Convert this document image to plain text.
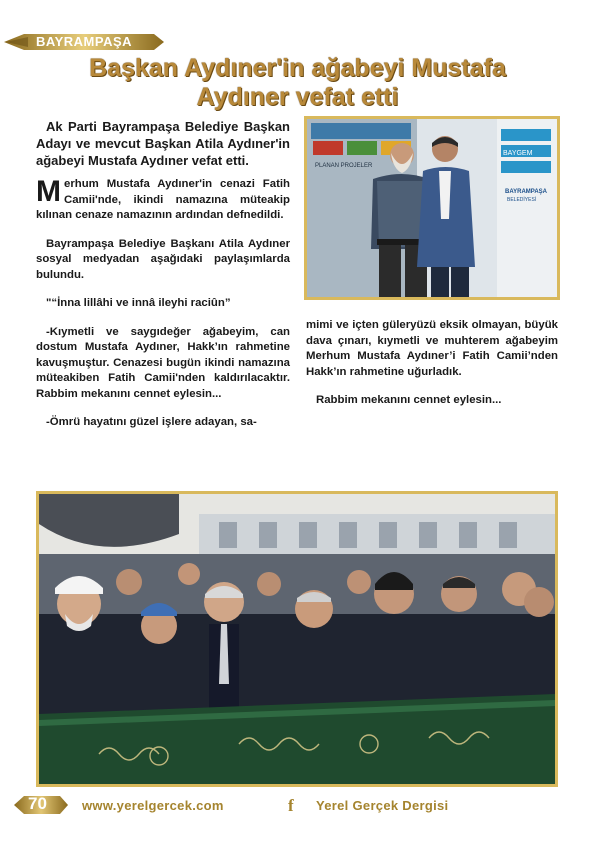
BAYRAMPAŞA
Başkan Aydıner'in ağabeyi Mustafa
Aydıner vefat etti

Ak Parti Bayrampaşa Belediye Başkan Adayı ve mevcut Başkan Atila Aydıner'in ağabeyi Mustafa Aydıner vefat etti.

Merhum Mustafa Aydıner'in cenazi Fatih Camii'nde, ikindi namazına müteakip kılınan cenaze namazının ardından defnedildi.

Bayrampaşa Belediye Başkanı Atila Aydıner sosyal medyadan aşağıdaki paylaşımlarda bulundu.

"“İnna lillâhi ve innâ ileyhi raciûn”

-Kıymetli ve saygıdeğer ağabeyim, can dostum Mustafa Aydıner, Hakk’ın rahmetine kavuşmuştur. Cenazesi bugün ikindi namazına müteakiben Fatih Camii'nden kaldırılacaktır. Rabbim mekanını cennet eylesin...

-Ömrü hayatını güzel işlere adayan, sa-

mimi ve içten güleryüzü eksik olmayan, büyük dava çınarı, kıymetli ve muhterem ağabeyim Merhum Mustafa Aydıner’i Fatih Camii’nden Hakk’ın rahmetine uğurladık.

Rabbim mekanını cennet eylesin...

PLANAN PROJELER
BAYGEM
BAYRAMPAŞA
BELEDİYESİ
70	www.yerelgercek.com	f Yerel Gerçek Dergisi
